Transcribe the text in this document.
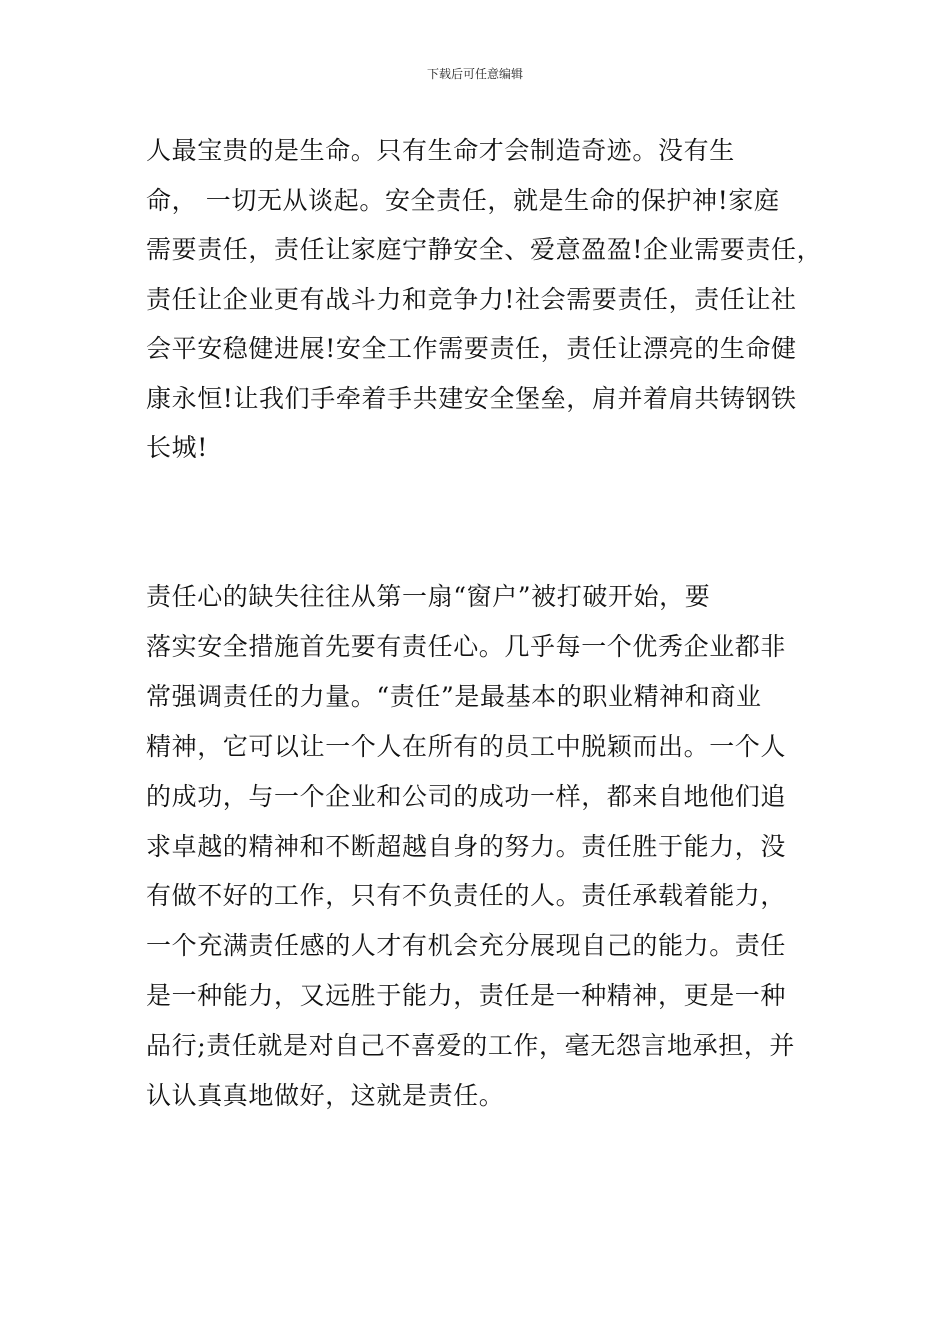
下载后可任意编辑
人最宝贵的是生命。只有生命才会制造奇迹。没有生
命， 一切无从谈起。安全责任，就是生命的保护神!家庭
需要责任，责任让家庭宁静安全、爱意盈盈!企业需要责任，
责任让企业更有战斗力和竞争力!社会需要责任，责任让社
会平安稳健进展!安全工作需要责任，责任让漂亮的生命健
康永恒!让我们手牵着手共建安全堡垒，肩并着肩共铸钢铁
长城!
责任心的缺失往往从第一扇“窗户”被打破开始，要
落实安全措施首先要有责任心。几乎每一个优秀企业都非
常强调责任的力量。“责任”是最基本的职业精神和商业
精神，它可以让一个人在所有的员工中脱颖而出。一个人
的成功，与一个企业和公司的成功一样，都来自地他们追
求卓越的精神和不断超越自身的努力。责任胜于能力，没
有做不好的工作，只有不负责任的人。责任承载着能力，
一个充满责任感的人才有机会充分展现自己的能力。责任
是一种能力，又远胜于能力，责任是一种精神，更是一种
品行;责任就是对自己不喜爱的工作，毫无怨言地承担，并
认认真真地做好，这就是责任。
